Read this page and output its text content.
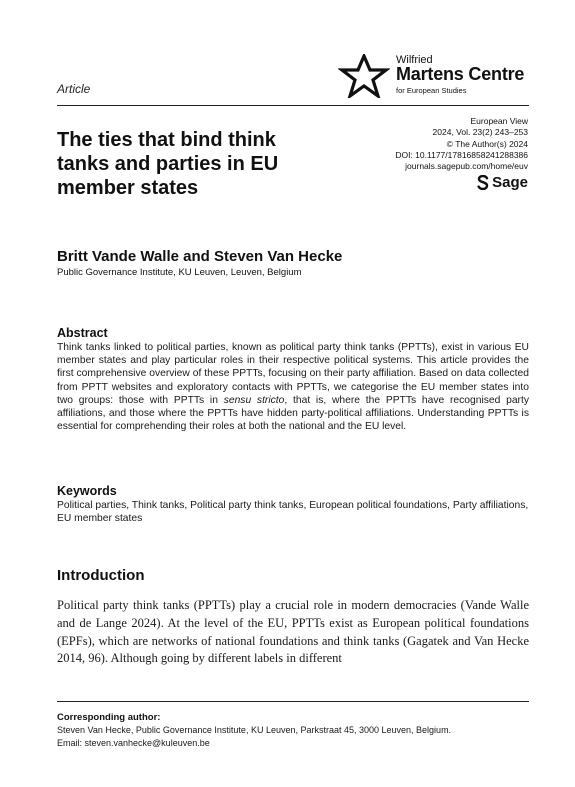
Article
Wilfried
Martens Centre
for European Studies
The ties that bind think tanks and parties in EU member states
European View
2024, Vol. 23(2) 243–253
© The Author(s) 2024
DOI: 10.1177/17816858241288386
journals.sagepub.com/home/euv
Sage
Britt Vande Walle and Steven Van Hecke
Public Governance Institute, KU Leuven, Leuven, Belgium
Abstract
Think tanks linked to political parties, known as political party think tanks (PPTTs), exist in various EU member states and play particular roles in their respective political systems. This article provides the first comprehensive overview of these PPTTs, focusing on their party affiliation. Based on data collected from PPTT websites and exploratory contacts with PPTTs, we categorise the EU member states into two groups: those with PPTTs in sensu stricto, that is, where the PPTTs have recognised party affiliations, and those where the PPTTs have hidden party-political affiliations. Understanding PPTTs is essential for comprehending their roles at both the national and the EU level.
Keywords
Political parties, Think tanks, Political party think tanks, European political foundations, Party affiliations, EU member states
Introduction
Political party think tanks (PPTTs) play a crucial role in modern democracies (Vande Walle and de Lange 2024). At the level of the EU, PPTTs exist as European political foundations (EPFs), which are networks of national foundations and think tanks (Gagatek and Van Hecke 2014, 96). Although going by different labels in different
Corresponding author:
Steven Van Hecke, Public Governance Institute, KU Leuven, Parkstraat 45, 3000 Leuven, Belgium.
Email: steven.vanhecke@kuleuven.be
